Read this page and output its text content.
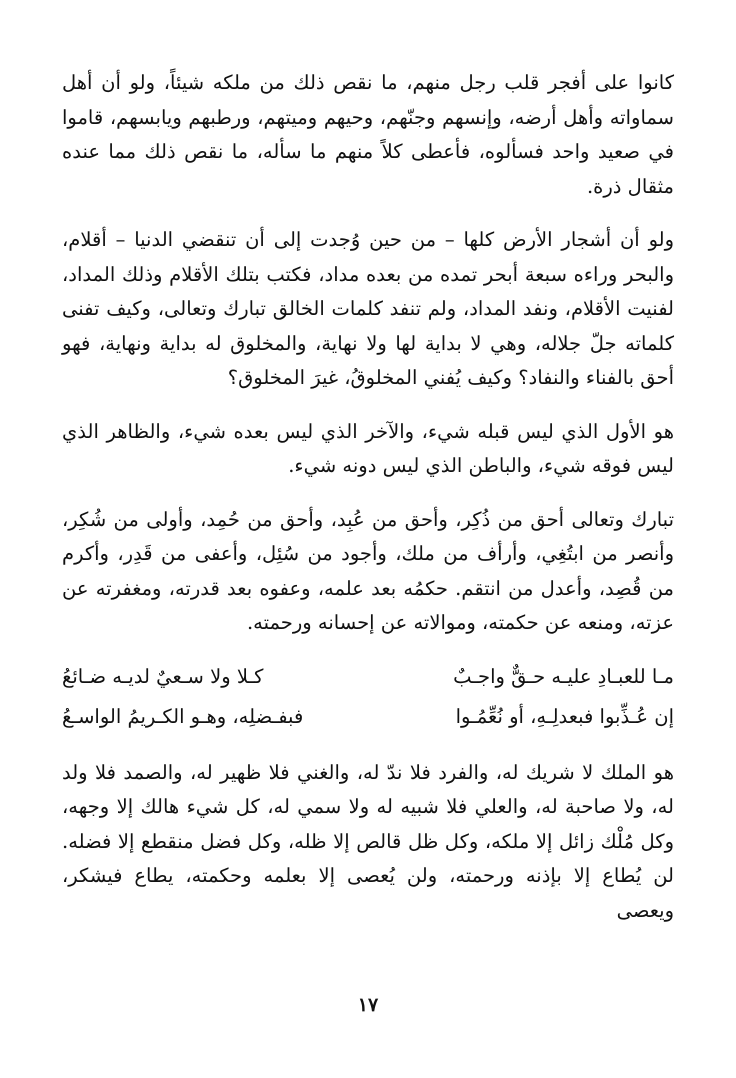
كانوا على أفجر قلب رجل منهم، ما نقص ذلك من ملكه شيئاً، ولو أن أهل سماواته وأهل أرضه، وإنسهم وجنّهم، وحيهم وميتهم، ورطبهم ويابسهم، قاموا في صعيد واحد فسألوه، فأعطى كلاً منهم ما سأله، ما نقص ذلك مما عنده مثقال ذرة.

ولو أن أشجار الأرض كلها – من حين وُجدت إلى أن تنقضي الدنيا – أقلام، والبحر وراءه سبعة أبحر تمده من بعده مداد، فكتب بتلك الأقلام وذلك المداد، لفنيت الأقلام، ونفد المداد، ولم تنفد كلمات الخالق تبارك وتعالى، وكيف تفنى كلماته جلّ جلاله، وهي لا بداية لها ولا نهاية، والمخلوق له بداية ونهاية، فهو أحق بالفناء والنفاد؟ وكيف يُفني المخلوقُ، غيرَ المخلوق؟

هو الأول الذي ليس قبله شيء، والآخر الذي ليس بعده شيء، والظاهر الذي ليس فوقه شيء، والباطن الذي ليس دونه شيء.

تبارك وتعالى أحق من ذُكِر، وأحق من عُبِد، وأحق من حُمِد، وأولى من شُكِر، وأنصر من ابتُغِي، وأرأف من ملك، وأجود من سُئِل، وأعفى من قَدِر، وأكرم من قُصِد، وأعدل من انتقم. حكمُه بعد علمه، وعفوه بعد قدرته، ومغفرته عن عزته، ومنعه عن حكمته، وموالاته عن إحسانه ورحمته.

مـا للعبـادِ عليـه حـقٌّ واجـبٌ
كـلا ولا سـعيٌ لديـه ضـائعُ
إن عُـذِّبوا فبعدلِـهِ، أو نُعِّمُـوا
فبفـضلِه، وهـو الكـريمُ الواسـعُ

هو الملك لا شريك له، والفرد فلا ندّ له، والغني فلا ظهير له، والصمد فلا ولد له، ولا صاحبة له، والعلي فلا شبيه له ولا سمي له، كل شيء هالك إلا وجهه، وكل مُلْك زائل إلا ملكه، وكل ظل قالص إلا ظله، وكل فضل منقطع إلا فضله. لن يُطاع إلا بإذنه ورحمته، ولن يُعصى إلا بعلمه وحكمته، يطاع فيشكر، ويعصى

١٧
